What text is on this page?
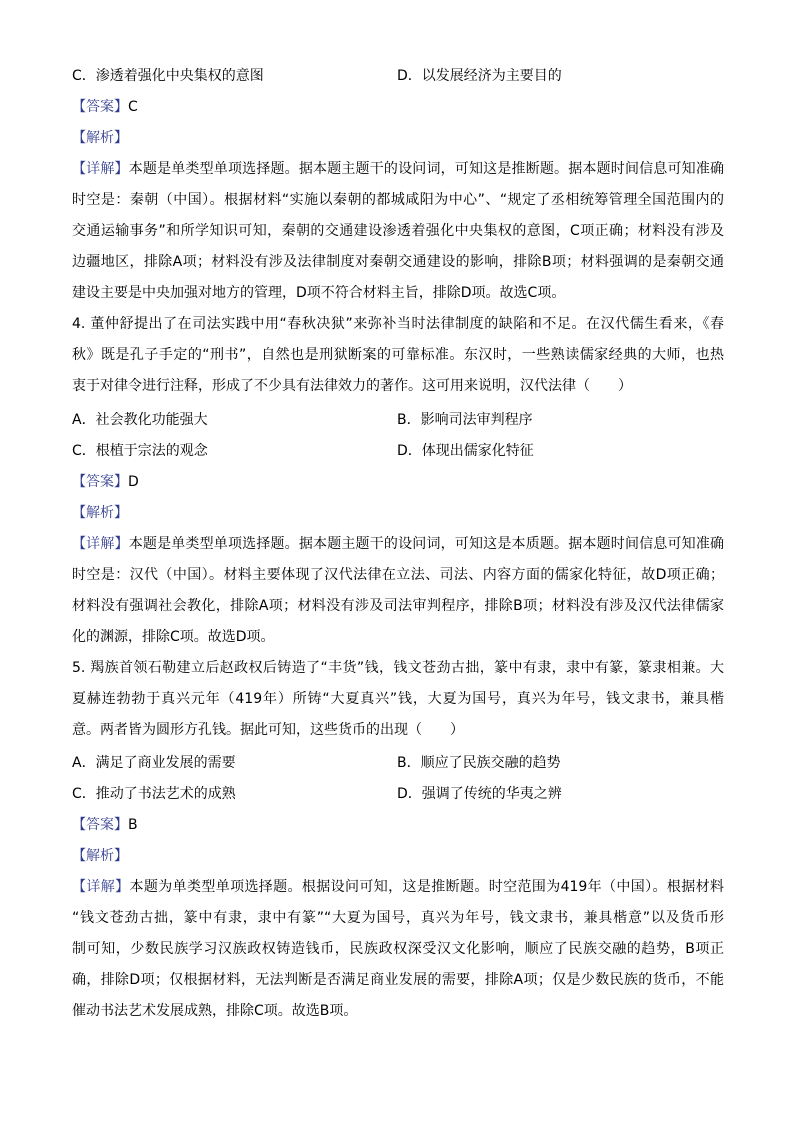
C．渗透着强化中央集权的意图	D．以发展经济为主要目的
【答案】C
【解析】
【详解】本题是单类型单项选择题。据本题主题干的设问词，可知这是推断题。据本题时间信息可知准确
时空是：秦朝（中国）。根据材料“实施以秦朝的都城咸阳为中心”、“规定了丞相统筹管理全国范围内的
交通运输事务”和所学知识可知，秦朝的交通建设渗透着强化中央集权的意图，C项正确；材料没有涉及
边疆地区，排除A项；材料没有涉及法律制度对秦朝交通建设的影响，排除B项；材料强调的是秦朝交通
建设主要是中央加强对地方的管理，D项不符合材料主旨，排除D项。故选C项。
4. 董仲舒提出了在司法实践中用“春秋决狱”来弥补当时法律制度的缺陷和不足。在汉代儒生看来，《春
秋》既是孔子手定的“刑书”，自然也是刑狱断案的可靠标准。东汉时，一些熟读儒家经典的大师，也热
衷于对律令进行注释，形成了不少具有法律效力的著作。这可用来说明，汉代法律（　　）
A．社会教化功能强大	B．影响司法审判程序
C．根植于宗法的观念	D．体现出儒家化特征
【答案】D
【解析】
【详解】本题是单类型单项选择题。据本题主题干的设问词，可知这是本质题。据本题时间信息可知准确
时空是：汉代（中国）。材料主要体现了汉代法律在立法、司法、内容方面的儒家化特征，故D项正确；
材料没有强调社会教化，排除A项；材料没有涉及司法审判程序，排除B项；材料没有涉及汉代法律儒家
化的渊源，排除C项。故选D项。
5. 羯族首领石勒建立后赵政权后铸造了“丰货”钱，钱文苍劲古拙，篆中有隶，隶中有篆，篆隶相兼。大
夏赫连勃勃于真兴元年（419年）所铸“大夏真兴”钱，大夏为国号，真兴为年号，钱文隶书，兼具楷
意。两者皆为圆形方孔钱。据此可知，这些货币的出现（　　）
A．满足了商业发展的需要	B．顺应了民族交融的趋势
C．推动了书法艺术的成熟	D．强调了传统的华夷之辨
【答案】B
【解析】
【详解】本题为单类型单项选择题。根据设问可知，这是推断题。时空范围为419年（中国）。根据材料
“钱文苍劲古拙，篆中有隶，隶中有篆”“大夏为国号，真兴为年号，钱文隶书，兼具楷意”以及货币形
制可知，少数民族学习汉族政权铸造钱币，民族政权深受汉文化影响，顺应了民族交融的趋势，B项正
确，排除D项；仅根据材料，无法判断是否满足商业发展的需要，排除A项；仅是少数民族的货币，不能
催动书法艺术发展成熟，排除C项。故选B项。
